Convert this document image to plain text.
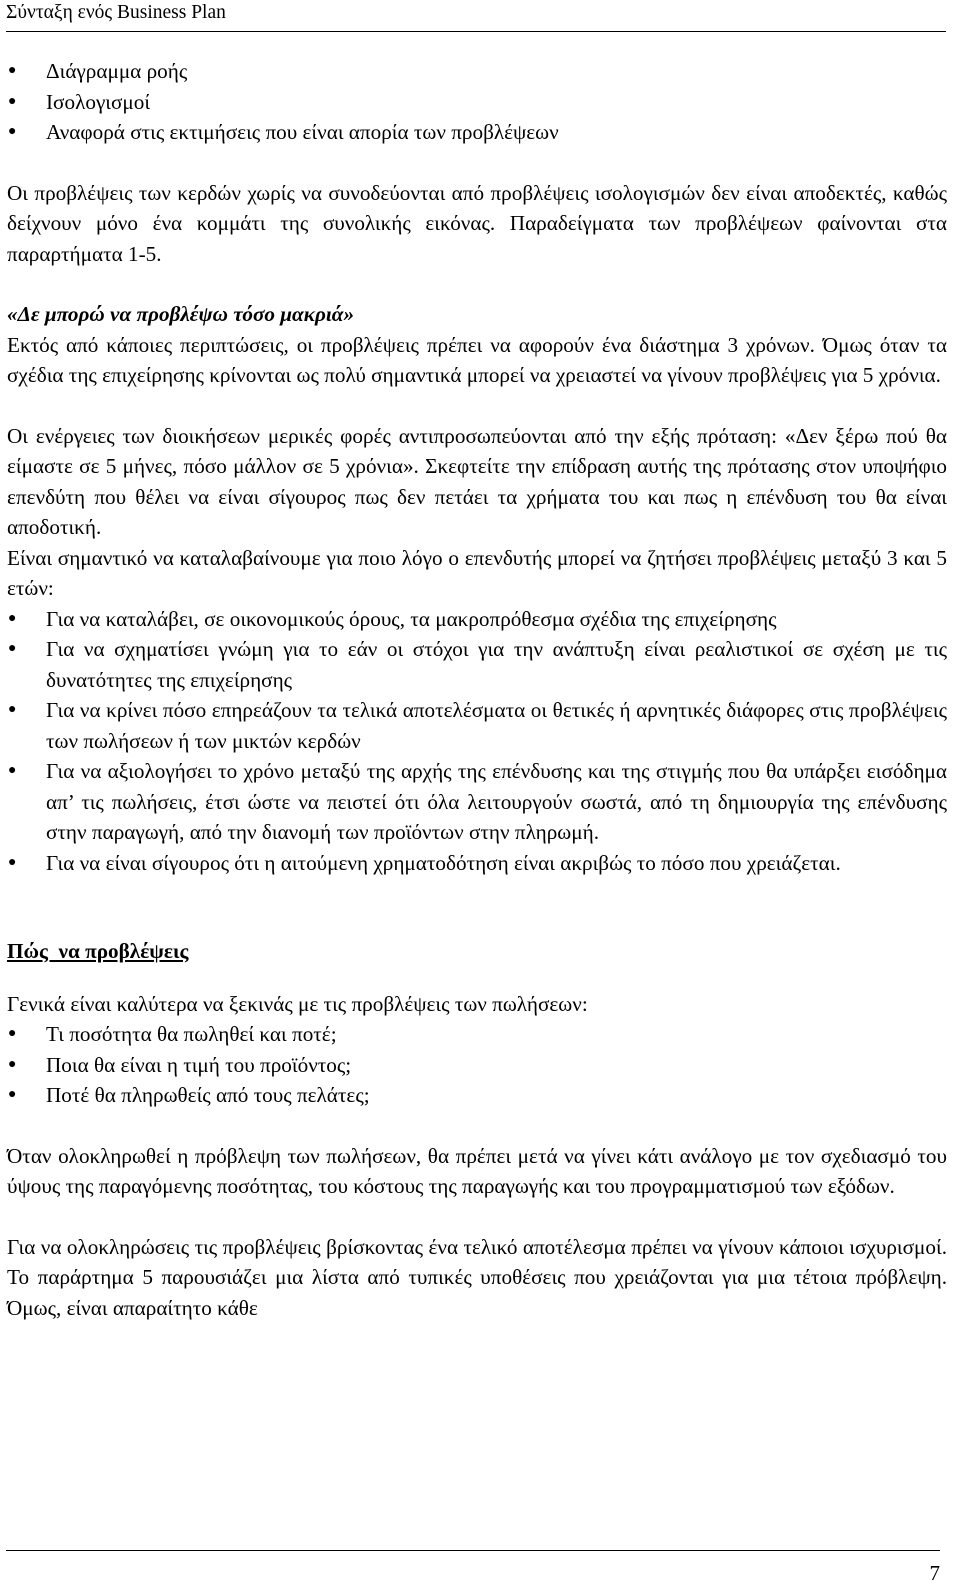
Σύνταξη ενός Business Plan
● Διάγραμμα ροής
● Ισολογισμοί
● Αναφορά στις εκτιμήσεις που είναι απορία των προβλέψεων

Οι προβλέψεις των κερδών χωρίς να συνοδεύονται από προβλέψεις ισολογισμών δεν είναι αποδεκτές, καθώς δείχνουν μόνο ένα κομμάτι της συνολικής εικόνας. Παραδείγματα των προβλέψεων φαίνονται στα παραρτήματα 1-5.

«Δε μπορώ να προβλέψω τόσο μακριά»

Εκτός από κάποιες περιπτώσεις, οι προβλέψεις πρέπει να αφορούν ένα διάστημα 3 χρόνων. Όμως όταν τα σχέδια της επιχείρησης κρίνονται ως πολύ σημαντικά μπορεί να χρειαστεί να γίνουν προβλέψεις για 5 χρόνια.

Οι ενέργειες των διοικήσεων μερικές φορές αντιπροσωπεύονται από την εξής πρόταση: «Δεν ξέρω πού θα είμαστε σε 5 μήνες, πόσο μάλλον σε 5 χρόνια». Σκεφτείτε την επίδραση αυτής της πρότασης στον υποψήφιο επενδύτη που θέλει να είναι σίγουρος πως δεν πετάει τα χρήματα του και πως η επένδυση του θα είναι αποδοτική.

Είναι σημαντικό να καταλαβαίνουμε για ποιο λόγο ο επενδυτής μπορεί να ζητήσει προβλέψεις μεταξύ 3 και 5 ετών:

● Για να καταλάβει, σε οικονομικούς όρους, τα μακροπρόθεσμα σχέδια της επιχείρησης
● Για να σχηματίσει γνώμη για το εάν οι στόχοι για την ανάπτυξη είναι ρεαλιστικοί σε σχέση με τις δυνατότητες της επιχείρησης
● Για να κρίνει πόσο επηρεάζουν τα τελικά αποτελέσματα οι θετικές ή αρνητικές διάφορες στις προβλέψεις των πωλήσεων ή των μικτών κερδών
● Για να αξιολογήσει το χρόνο μεταξύ της αρχής της επένδυσης και της στιγμής που θα υπάρξει εισόδημα απ’ τις πωλήσεις, έτσι ώστε να πειστεί ότι όλα λειτουργούν σωστά, από τη δημιουργία της επένδυσης στην παραγωγή, από την διανομή των προϊόντων στην πληρωμή.
● Για να είναι σίγουρος ότι η αιτούμενη χρηματοδότηση είναι ακριβώς το πόσο που χρειάζεται.

Πώς  να προβλέψεις

Γενικά είναι καλύτερα να ξεκινάς με τις προβλέψεις των πωλήσεων:

● Τι ποσότητα θα πωληθεί και ποτέ;
● Ποια θα είναι η τιμή του προϊόντος;
● Ποτέ θα πληρωθείς από τους πελάτες;

Όταν ολοκληρωθεί η πρόβλεψη των πωλήσεων, θα πρέπει μετά να γίνει κάτι ανάλογο με τον σχεδιασμό του ύψους της παραγόμενης ποσότητας, του κόστους της παραγωγής και του προγραμματισμού των εξόδων.

Για να ολοκληρώσεις τις προβλέψεις βρίσκοντας ένα τελικό αποτέλεσμα πρέπει να γίνουν κάποιοι ισχυρισμοί. Το παράρτημα 5 παρουσιάζει μια λίστα από τυπικές υποθέσεις που χρειάζονται για μια τέτοια πρόβλεψη. Όμως, είναι απαραίτητο κάθε

7
